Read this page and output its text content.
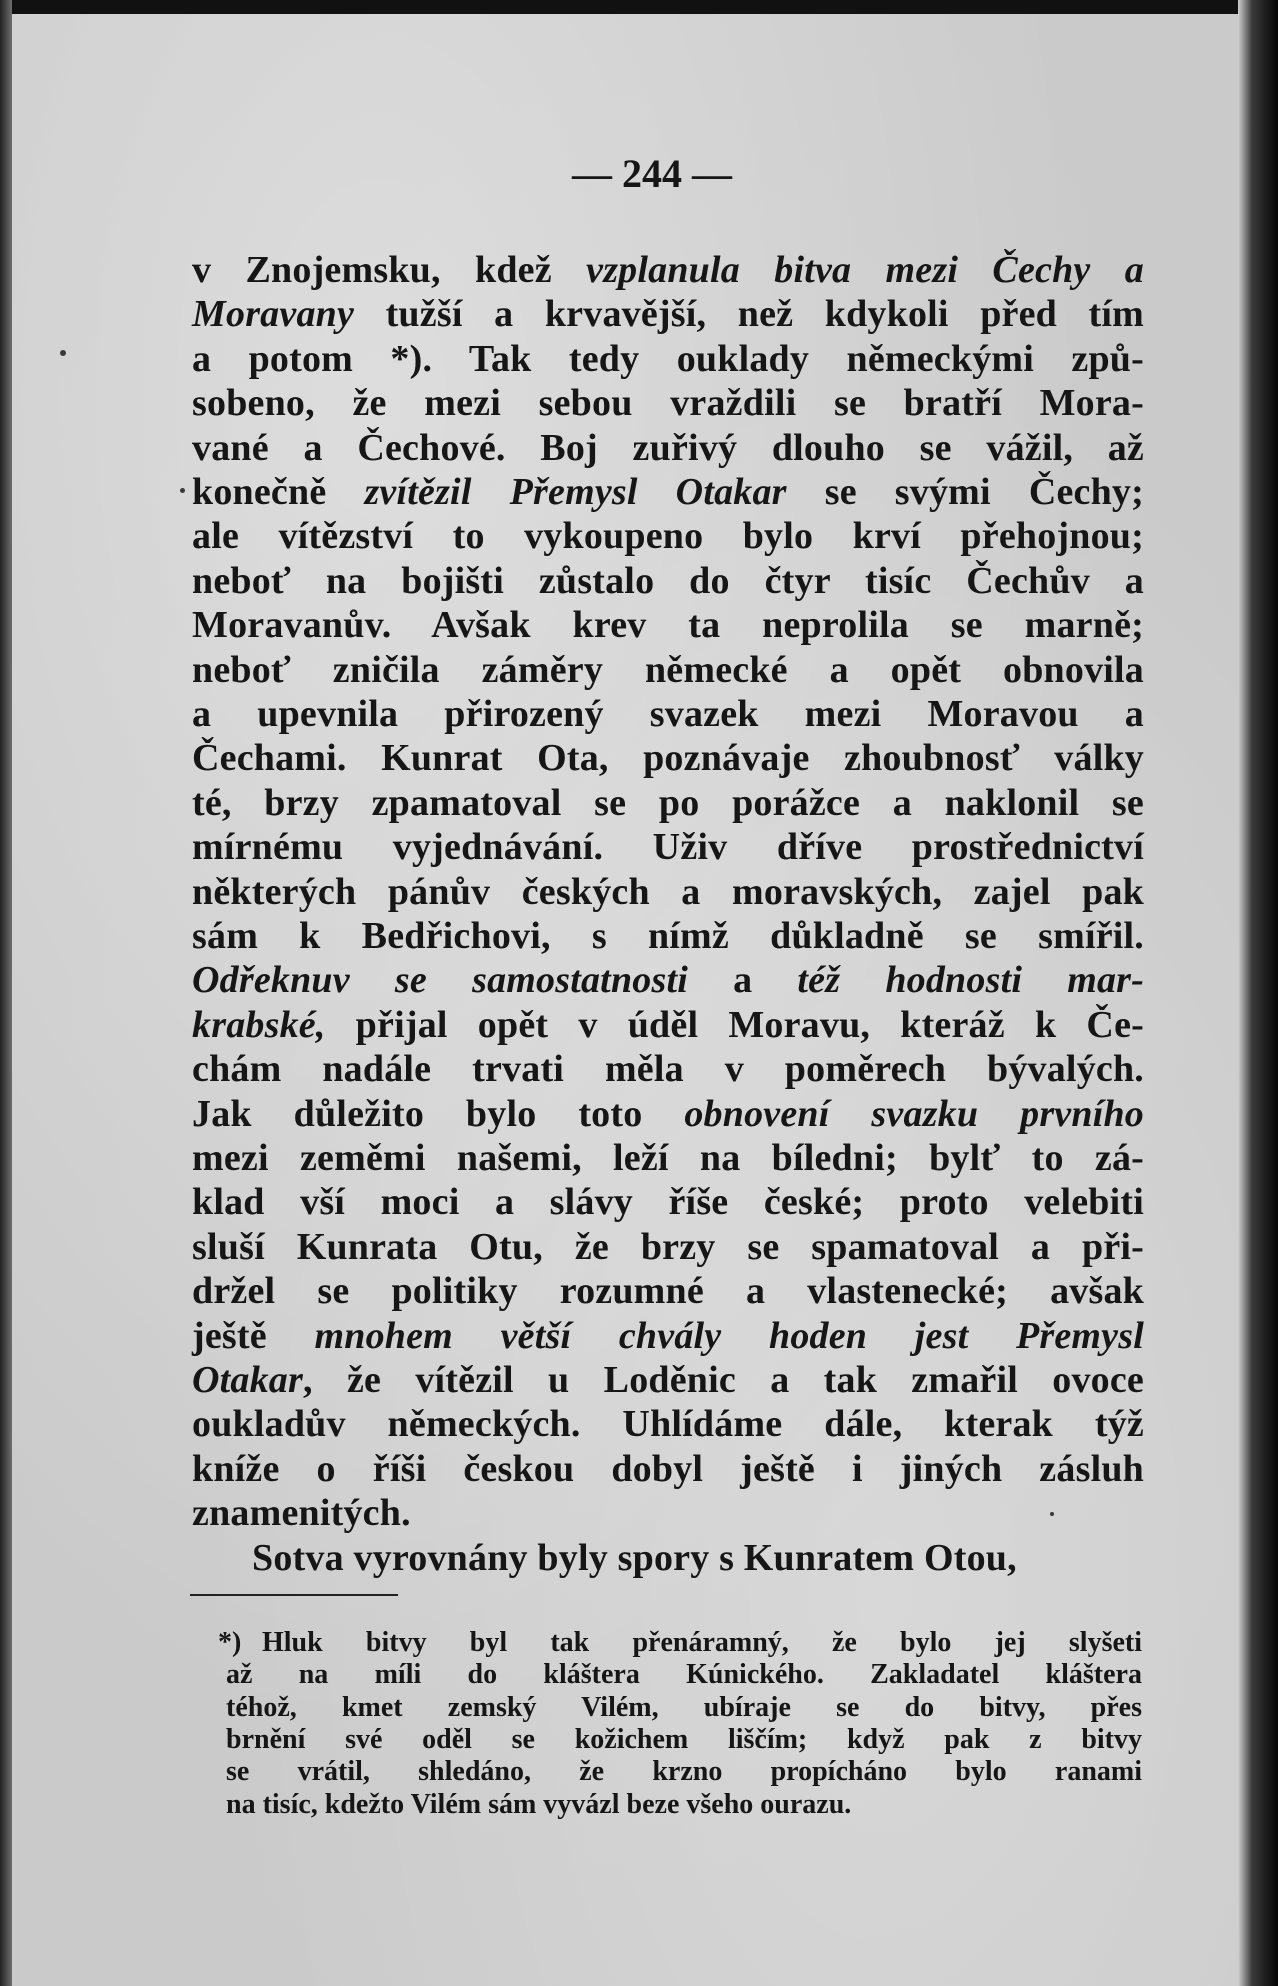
— 244 —
v Znojemsku, kdež vzplanula bitva mezi Čechy a
Moravany tužší a krvavější, než kdykoli před tím
a potom *). Tak tedy ouklady německými způ-
sobeno, že mezi sebou vraždili se bratří Mora-
vané a Čechové. Boj zuřivý dlouho se vážil, až
konečně zvítězil Přemysl Otakar se svými Čechy;
ale vítězství to vykoupeno bylo krví přehojnou;
neboť na bojišti zůstalo do čtyr tisíc Čechův a
Moravanův. Avšak krev ta neprolila se marně;
neboť zničila záměry německé a opět obnovila
a upevnila přirozený svazek mezi Moravou a
Čechami. Kunrat Ota, poznávaje zhoubnosť války
té, brzy zpamatoval se po porážce a naklonil se
mírnému vyjednávání. Uživ dříve prostřednictví
některých pánův českých a moravských, zajel pak
sám k Bedřichovi, s nímž důkladně se smířil.
Odřeknuv se samostatnosti a též hodnosti mar-
krabské, přijal opět v úděl Moravu, kteráž k Če-
chám nadále trvati měla v poměrech bývalých.
Jak důležito bylo toto obnovení svazku prvního
mezi zeměmi našemi, leží na bíledni; bylť to zá-
klad vší moci a slávy říše české; proto velebiti
sluší Kunrata Otu, že brzy se spamatoval a při-
držel se politiky rozumné a vlastenecké; avšak
ještě mnohem větší chvály hoden jest Přemysl
Otakar, že vítězil u Loděnic a tak zmařil ovoce
oukladův německých. Uhlídáme dále, kterak týž
kníže o říši českou dobyl ještě i jiných zásluh
znamenitých.
Sotva vyrovnány byly spory s Kunratem Otou,
*) Hluk bitvy byl tak přenáramný, že bylo jej slyšeti
až na míli do kláštera Kúnického. Zakladatel kláštera
téhož, kmet zemský Vilém, ubíraje se do bitvy, přes
brnění své oděl se kožichem liščím; když pak z bitvy
se vrátil, shledáno, že krzno propícháno bylo ranami
na tisíc, kdežto Vilém sám vyvázl beze všeho ourazu.
